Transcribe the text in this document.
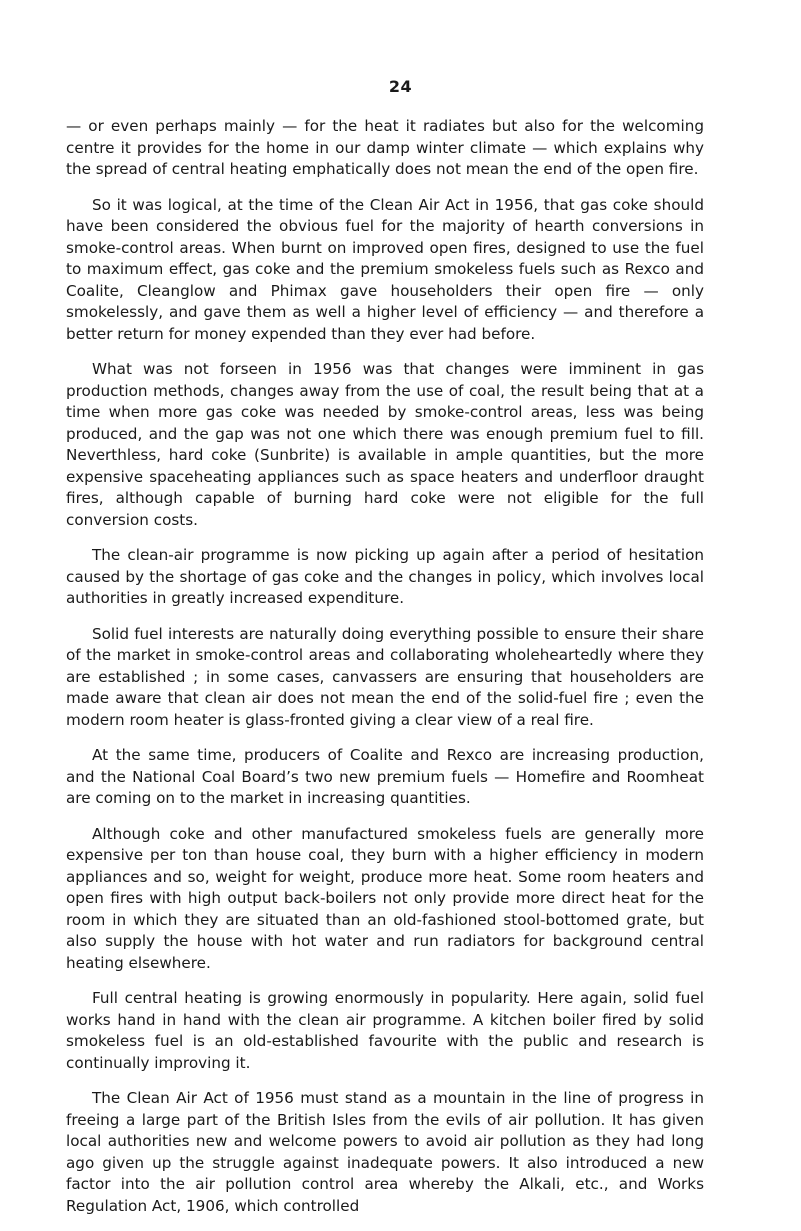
24

— or even perhaps mainly — for the heat it radiates but also for the welcoming centre it provides for the home in our damp winter climate — which explains why the spread of central heating emphatically does not mean the end of the open fire.

So it was logical, at the time of the Clean Air Act in 1956, that gas coke should have been considered the obvious fuel for the majority of hearth conversions in smoke-control areas. When burnt on improved open fires, designed to use the fuel to maximum effect, gas coke and the premium smokeless fuels such as Rexco and Coalite, Cleanglow and Phimax gave householders their open fire — only smokelessly, and gave them as well a higher level of efficiency — and therefore a better return for money expended than they ever had before.

What was not forseen in 1956 was that changes were imminent in gas production methods, changes away from the use of coal, the result being that at a time when more gas coke was needed by smoke-control areas, less was being produced, and the gap was not one which there was enough premium fuel to fill. Neverthless, hard coke (Sunbrite) is available in ample quantities, but the more expensive spaceheating appliances such as space heaters and underfloor draught fires, although capable of burning hard coke were not eligible for the full conversion costs.

The clean-air programme is now picking up again after a period of hesitation caused by the shortage of gas coke and the changes in policy, which involves local authorities in greatly increased expenditure.

Solid fuel interests are naturally doing everything possible to ensure their share of the market in smoke-control areas and collaborating wholeheartedly where they are established ; in some cases, canvassers are ensuring that householders are made aware that clean air does not mean the end of the solid-fuel fire ; even the modern room heater is glass-fronted giving a clear view of a real fire.

At the same time, producers of Coalite and Rexco are increasing production, and the National Coal Board’s two new premium fuels — Homefire and Roomheat are coming on to the market in increasing quantities.

Although coke and other manufactured smokeless fuels are generally more expensive per ton than house coal, they burn with a higher efficiency in modern appliances and so, weight for weight, produce more heat. Some room heaters and open fires with high output back-boilers not only provide more direct heat for the room in which they are situated than an old-fashioned stool-bottomed grate, but also supply the house with hot water and run radiators for background central heating elsewhere.

Full central heating is growing enormously in popularity. Here again, solid fuel works hand in hand with the clean air programme. A kitchen boiler fired by solid smokeless fuel is an old-established favourite with the public and research is continually improving it.

The Clean Air Act of 1956 must stand as a mountain in the line of progress in freeing a large part of the British Isles from the evils of air pollution. It has given local authorities new and welcome powers to avoid air pollution as they had long ago given up the struggle against inadequate powers. It also introduced a new factor into the air pollution control area whereby the Alkali, etc., and Works Regulation Act, 1906, which controlled
